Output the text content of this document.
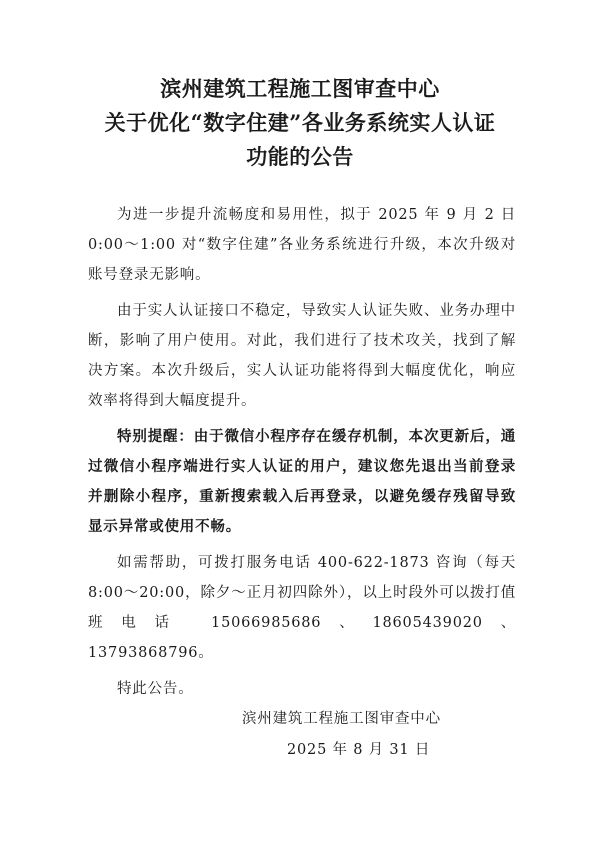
滨州建筑工程施工图审查中心
关于优化“数字住建”各业务系统实人认证
功能的公告

为进一步提升流畅度和易用性，拟于 2025 年 9 月 2 日 0:00～1:00 对“数字住建”各业务系统进行升级，本次升级对账号登录无影响。

由于实人认证接口不稳定，导致实人认证失败、业务办理中断，影响了用户使用。对此，我们进行了技术攻关，找到了解决方案。本次升级后，实人认证功能将得到大幅度优化，响应效率将得到大幅度提升。

特别提醒：由于微信小程序存在缓存机制，本次更新后，通过微信小程序端进行实人认证的用户，建议您先退出当前登录并删除小程序，重新搜索载入后再登录，以避免缓存残留导致显示异常或使用不畅。

如需帮助，可拨打服务电话 400-622-1873 咨询（每天 8:00～20:00，除夕～正月初四除外），以上时段外可以拨打值班电话 15066985686、18605439020、13793868796。

特此公告。

滨州建筑工程施工图审查中心
2025 年 8 月 31 日
